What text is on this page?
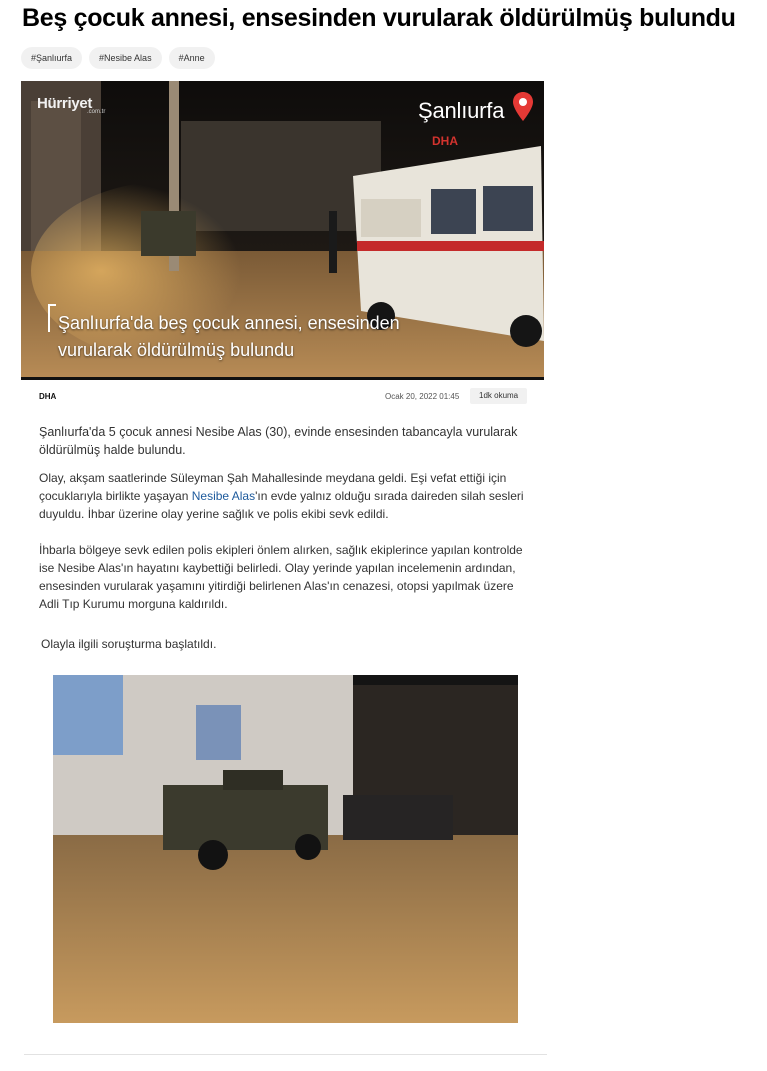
Beş çocuk annesi, ensesinden vurularak öldürülmüş bulundu
#Şanlıurfa	#Nesibe Alas	#Anne
Hürriyet
.com.tr	Şanlıurfa
DHA
Şanlıurfa'da beş çocuk annesi, ensesinden
vurularak öldürülmüş bulundu
DHA	Ocak 20, 2022 01:45	1dk okuma

Şanlıurfa'da 5 çocuk annesi Nesibe Alas (30), evinde ensesinden tabancayla vurularak öldürülmüş halde bulundu.

Olay, akşam saatlerinde Süleyman Şah Mahallesinde meydana geldi. Eşi vefat ettiği için çocuklarıyla birlikte yaşayan Nesibe Alas'ın evde yalnız olduğu sırada daireden silah sesleri duyuldu. İhbar üzerine olay yerine sağlık ve polis ekibi sevk edildi.

İhbarla bölgeye sevk edilen polis ekipleri önlem alırken, sağlık ekiplerince yapılan kontrolde ise Nesibe Alas'ın hayatını kaybettiği belirledi. Olay yerinde yapılan incelemenin ardından, ensesinden vurularak yaşamını yitirdiği belirlenen Alas'ın cenazesi, otopsi yapılmak üzere Adli Tıp Kurumu morguna kaldırıldı.

Olayla ilgili soruşturma başlatıldı.
